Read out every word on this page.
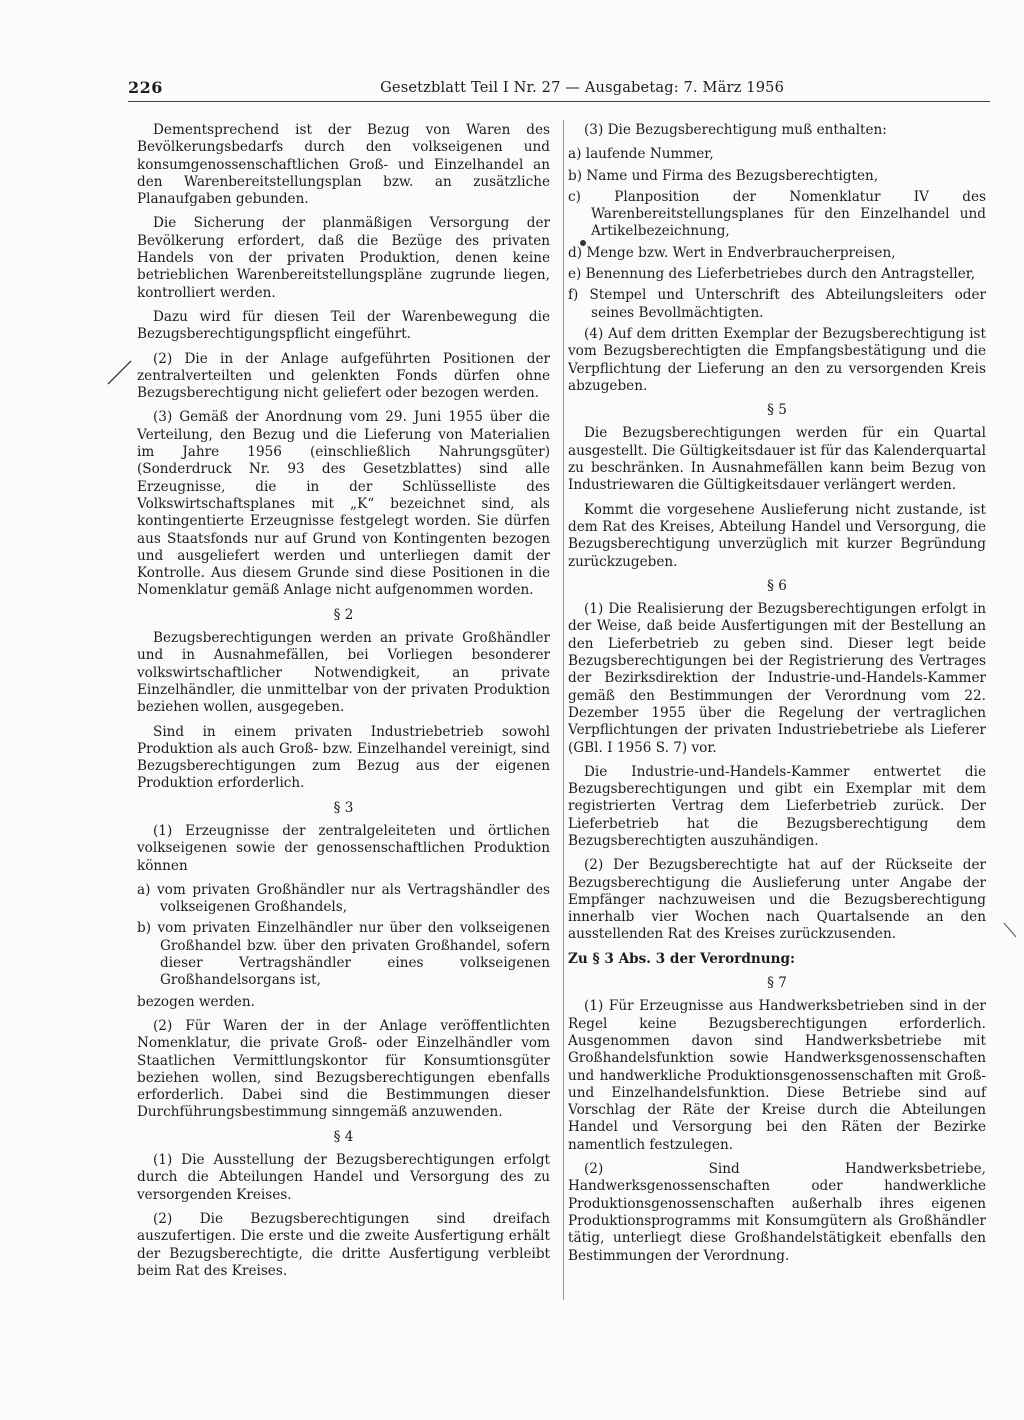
226	Gesetzblatt Teil I Nr. 27 — Ausgabetag: 7. März 1956

Dementsprechend ist der Bezug von Waren des Bevölkerungsbedarfs durch den volkseigenen und konsumgenossenschaftlichen Groß- und Einzelhandel an den Warenbereitstellungsplan bzw. an zusätzliche Planaufgaben gebunden.

Die Sicherung der planmäßigen Versorgung der Bevölkerung erfordert, daß die Bezüge des privaten Handels von der privaten Produktion, denen keine betrieblichen Warenbereitstellungspläne zugrunde liegen, kontrolliert werden.

Dazu wird für diesen Teil der Warenbewegung die Bezugsberechtigungspflicht eingeführt.

(2) Die in der Anlage aufgeführten Positionen der zentralverteilten und gelenkten Fonds dürfen ohne Bezugsberechtigung nicht geliefert oder bezogen werden.

(3) Gemäß der Anordnung vom 29. Juni 1955 über die Verteilung, den Bezug und die Lieferung von Materialien im Jahre 1956 (einschließlich Nahrungsgüter) (Sonderdruck Nr. 93 des Gesetzblattes) sind alle Erzeugnisse, die in der Schlüsselliste des Volkswirtschaftsplanes mit „K“ bezeichnet sind, als kontingentierte Erzeugnisse festgelegt worden. Sie dürfen aus Staatsfonds nur auf Grund von Kontingenten bezogen und ausgeliefert werden und unterliegen damit der Kontrolle. Aus diesem Grunde sind diese Positionen in die Nomenklatur gemäß Anlage nicht aufgenommen worden.

§ 2

Bezugsberechtigungen werden an private Großhändler und in Ausnahmefällen, bei Vorliegen besonderer volkswirtschaftlicher Notwendigkeit, an private Einzelhändler, die unmittelbar von der privaten Produktion beziehen wollen, ausgegeben.

Sind in einem privaten Industriebetrieb sowohl Produktion als auch Groß- bzw. Einzelhandel vereinigt, sind Bezugsberechtigungen zum Bezug aus der eigenen Produktion erforderlich.

§ 3

(1) Erzeugnisse der zentralgeleiteten und örtlichen volkseigenen sowie der genossenschaftlichen Produktion können

a) vom privaten Großhändler nur als Vertragshändler des volkseigenen Großhandels,

b) vom privaten Einzelhändler nur über den volkseigenen Großhandel bzw. über den privaten Großhandel, sofern dieser Vertragshändler eines volkseigenen Großhandelsorgans ist,

bezogen werden.

(2) Für Waren der in der Anlage veröffentlichten Nomenklatur, die private Groß- oder Einzelhändler vom Staatlichen Vermittlungskontor für Konsumtionsgüter beziehen wollen, sind Bezugsberechtigungen ebenfalls erforderlich. Dabei sind die Bestimmungen dieser Durchführungsbestimmung sinngemäß anzuwenden.

§ 4

(1) Die Ausstellung der Bezugsberechtigungen erfolgt durch die Abteilungen Handel und Versorgung des zu versorgenden Kreises.

(2) Die Bezugsberechtigungen sind dreifach auszufertigen. Die erste und die zweite Ausfertigung erhält der Bezugsberechtigte, die dritte Ausfertigung verbleibt beim Rat des Kreises.

(3) Die Bezugsberechtigung muß enthalten:

a) laufende Nummer,

b) Name und Firma des Bezugsberechtigten,

c) Planposition der Nomenklatur IV des Warenbereitstellungsplanes für den Einzelhandel und Artikelbezeichnung,

d) Menge bzw. Wert in Endverbraucherpreisen,

e) Benennung des Lieferbetriebes durch den Antragsteller,

f) Stempel und Unterschrift des Abteilungsleiters oder seines Bevollmächtigten.

(4) Auf dem dritten Exemplar der Bezugsberechtigung ist vom Bezugsberechtigten die Empfangsbestätigung und die Verpflichtung der Lieferung an den zu versorgenden Kreis abzugeben.

§ 5

Die Bezugsberechtigungen werden für ein Quartal ausgestellt. Die Gültigkeitsdauer ist für das Kalenderquartal zu beschränken. In Ausnahmefällen kann beim Bezug von Industriewaren die Gültigkeitsdauer verlängert werden.

Kommt die vorgesehene Auslieferung nicht zustande, ist dem Rat des Kreises, Abteilung Handel und Versorgung, die Bezugsberechtigung unverzüglich mit kurzer Begründung zurückzugeben.

§ 6

(1) Die Realisierung der Bezugsberechtigungen erfolgt in der Weise, daß beide Ausfertigungen mit der Bestellung an den Lieferbetrieb zu geben sind. Dieser legt beide Bezugsberechtigungen bei der Registrierung des Vertrages der Bezirksdirektion der Industrie-und-Handels-Kammer gemäß den Bestimmungen der Verordnung vom 22. Dezember 1955 über die Regelung der vertraglichen Verpflichtungen der privaten Industriebetriebe als Lieferer (GBl. I 1956 S. 7) vor.

Die Industrie-und-Handels-Kammer entwertet die Bezugsberechtigungen und gibt ein Exemplar mit dem registrierten Vertrag dem Lieferbetrieb zurück. Der Lieferbetrieb hat die Bezugsberechtigung dem Bezugsberechtigten auszuhändigen.

(2) Der Bezugsberechtigte hat auf der Rückseite der Bezugsberechtigung die Auslieferung unter Angabe der Empfänger nachzuweisen und die Bezugsberechtigung innerhalb vier Wochen nach Quartalsende an den ausstellenden Rat des Kreises zurückzusenden.

Zu § 3 Abs. 3 der Verordnung:

§ 7

(1) Für Erzeugnisse aus Handwerksbetrieben sind in der Regel keine Bezugsberechtigungen erforderlich. Ausgenommen davon sind Handwerksbetriebe mit Großhandelsfunktion sowie Handwerksgenossenschaften und handwerkliche Produktionsgenossenschaften mit Groß- und Einzelhandelsfunktion. Diese Betriebe sind auf Vorschlag der Räte der Kreise durch die Abteilungen Handel und Versorgung bei den Räten der Bezirke namentlich festzulegen.

(2) Sind Handwerksbetriebe, Handwerksgenossenschaften oder handwerkliche Produktionsgenossenschaften außerhalb ihres eigenen Produktionsprogramms mit Konsumgütern als Großhändler tätig, unterliegt diese Großhandelstätigkeit ebenfalls den Bestimmungen der Verordnung.
